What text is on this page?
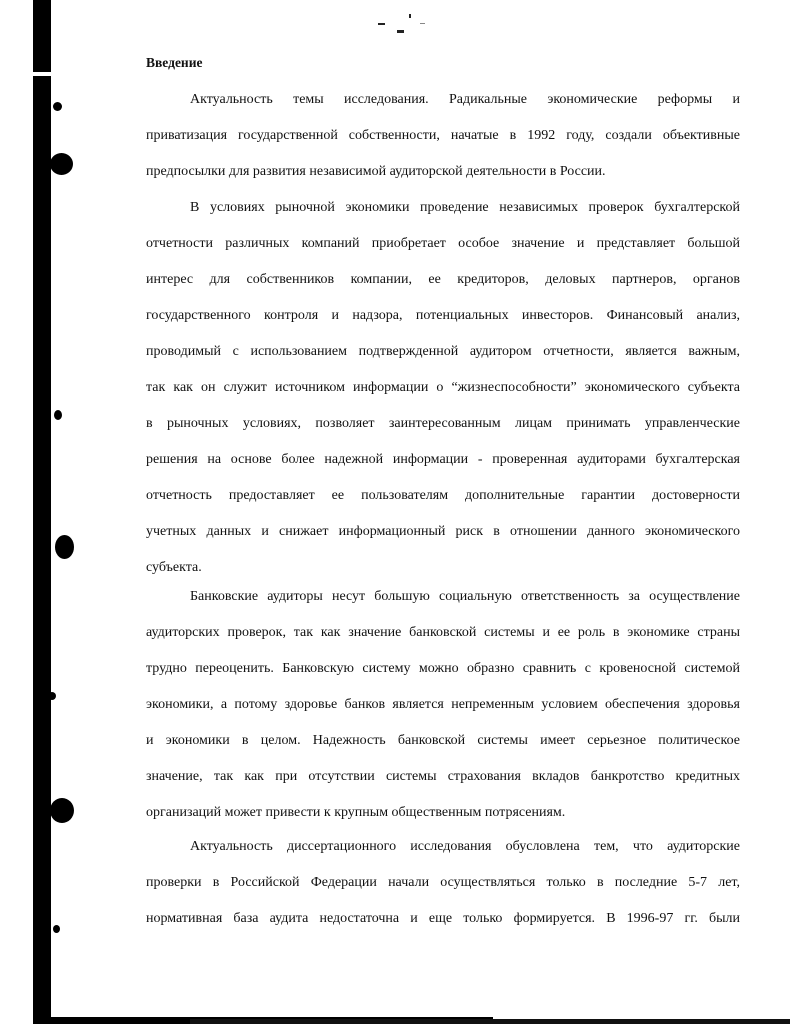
Введение
Актуальность темы исследования. Радикальные экономические реформы и
приватизация государственной собственности, начатые в 1992 году, создали объективные
предпосылки для развития независимой аудиторской деятельности в России.
В условиях рыночной экономики проведение независимых проверок бухгалтерской
отчетности различных компаний приобретает особое значение и представляет большой
интерес для собственников компании, ее кредиторов, деловых партнеров, органов
государственного контроля и надзора, потенциальных инвесторов. Финансовый анализ,
проводимый с использованием подтвержденной аудитором отчетности, является важным,
так как он служит источником информации о “жизнеспособности” экономического субъекта
в рыночных условиях, позволяет заинтересованным лицам принимать управленческие
решения на основе более надежной информации - проверенная аудиторами бухгалтерская
отчетность предоставляет ее пользователям дополнительные гарантии достоверности
учетных данных и снижает информационный риск в отношении данного экономического
субъекта.
Банковские аудиторы несут большую социальную ответственность за осуществление
аудиторских проверок, так как значение банковской системы и ее роль в экономике страны
трудно переоценить. Банковскую систему можно образно сравнить с кровеносной системой
экономики, а потому здоровье банков является непременным условием обеспечения здоровья
и экономики в целом. Надежность банковской системы имеет серьезное политическое
значение, так как при отсутствии системы страхования вкладов банкротство кредитных
организаций может привести к крупным общественным потрясениям.
Актуальность диссертационного исследования обусловлена тем, что аудиторские
проверки в Российской Федерации начали осуществляться только в последние 5-7 лет,
нормативная база аудита недостаточна и еще только формируется. В 1996-97 гг. были
